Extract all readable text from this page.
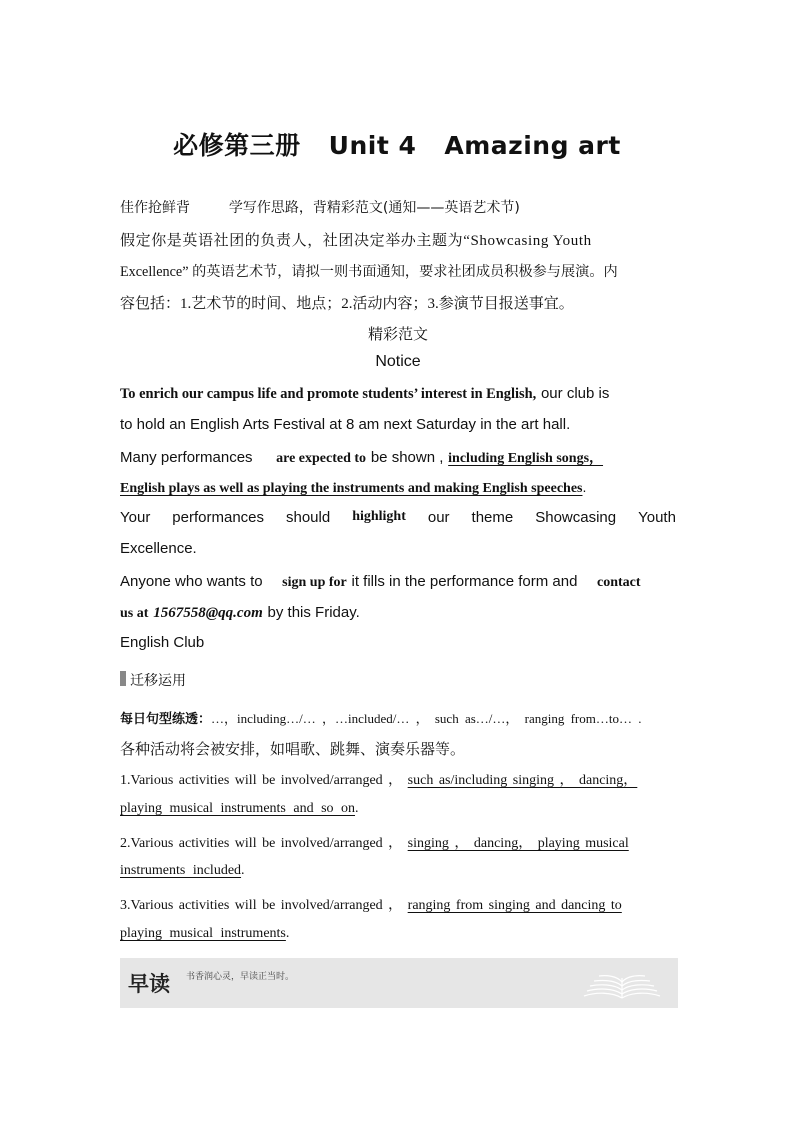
必修第三册 Unit 4 Amazing art
佳作抢鲜背	学写作思路，背精彩范文(通知——英语艺术节)
假定你是英语社团的负责人，社团决定举办主题为“Showcasing Youth
Excellence” 的英语艺术节，请拟一则书面通知，要求社团成员积极参与展演。内
容包括：1.艺术节的时间、地点；2.活动内容；3.参演节目报送事宜。
精彩范文
Notice
To enrich our campus life and promote students’ interest in English, our club is
to hold an English Arts Festival at 8 am next Saturday in the art hall.
Many performances are expected to be shown , including English songs，
English plays as well as playing the instruments and making English speeches.
Your performances should highlight our theme Showcasing Youth
Excellence.
Anyone who wants to sign up for it fills in the performance form and contact
us at 1567558@qq.com by this Friday.
English Club
迁移运用
每日句型练透：…，including…/… ，…included/… ， such as…/…， ranging from…to… .
各种活动将会被安排，如唱歌、跳舞、演奏乐器等。
1.Various activities will be involved/arranged ， such as/including singing ， dancing，
playing musical instruments and so on.
2.Various activities will be involved/arranged ， singing ， dancing， playing musical
instruments included.
3.Various activities will be involved/arranged ， ranging from singing and dancing to
playing musical instruments.
早读 书香润心灵，早读正当时。
